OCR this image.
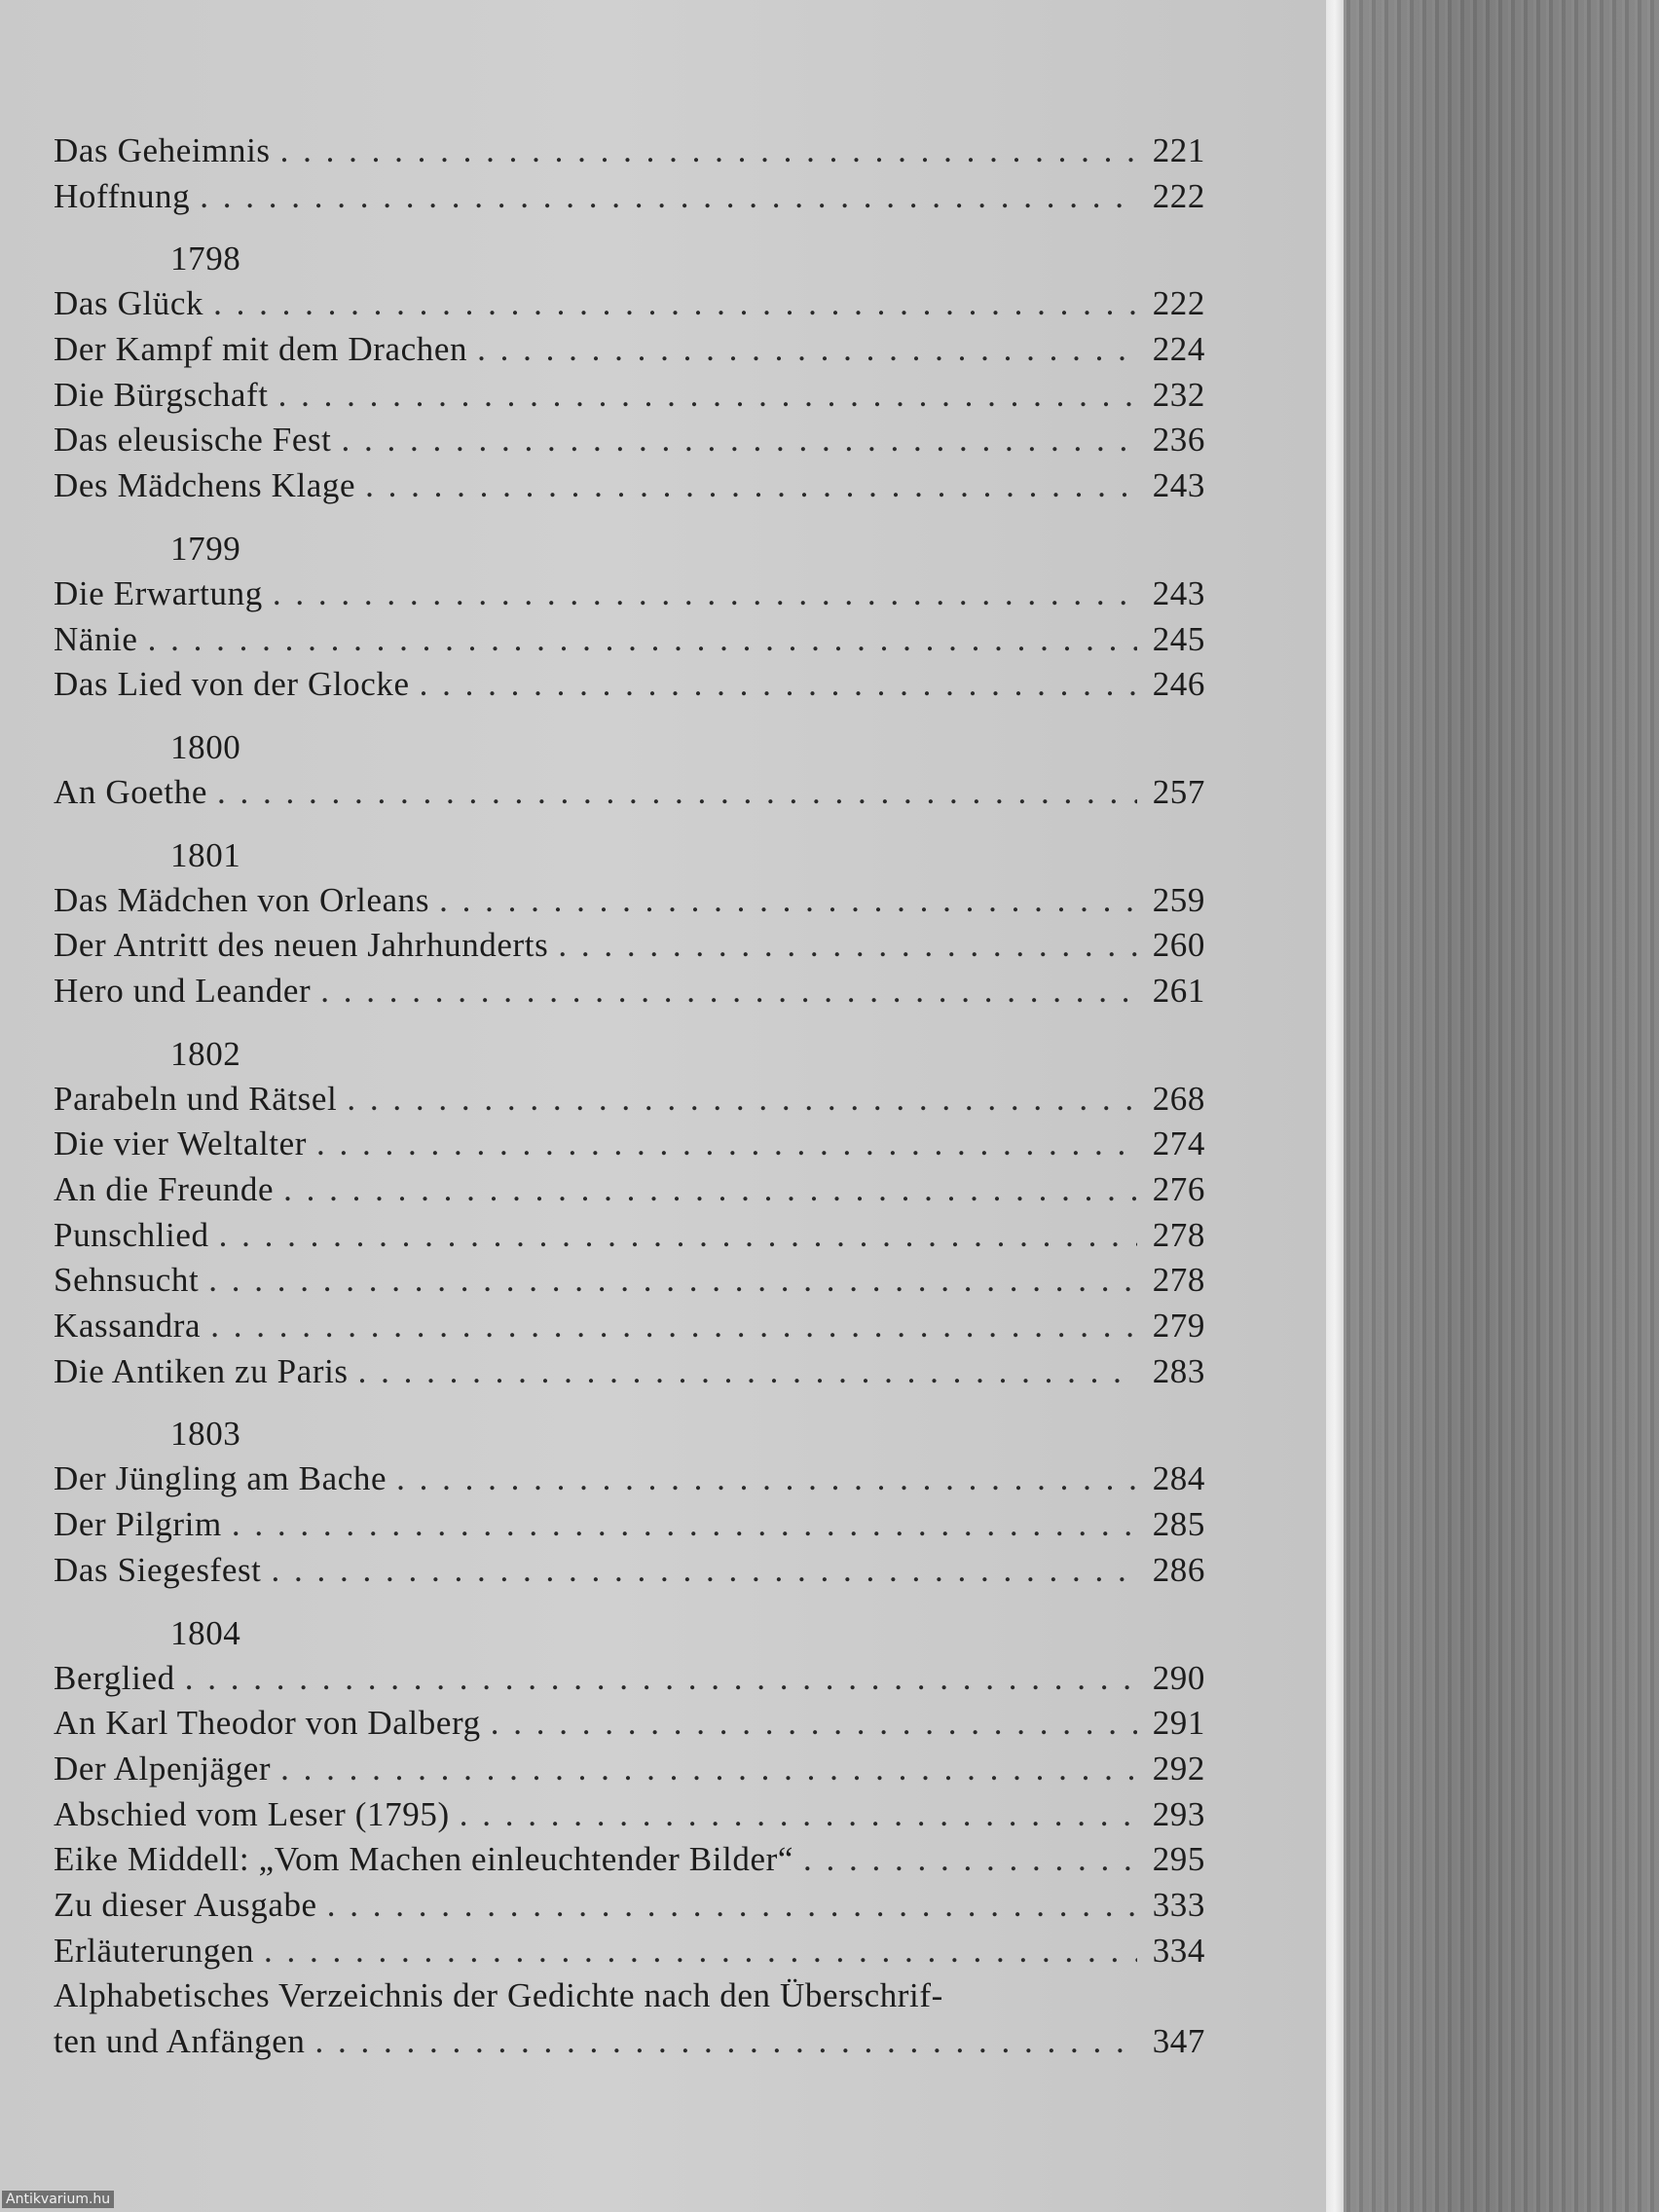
Das Geheimnis . . .	221
Hoffnung . . .	222
1798
Das Glück . . .	222
Der Kampf mit dem Drachen . . .	224
Die Bürgschaft . . .	232
Das eleusische Fest . . .	236
Des Mädchens Klage . . .	243
1799
Die Erwartung . . .	243
Nänie . . .	245
Das Lied von der Glocke . . .	246
1800
An Goethe . . .	257
1801
Das Mädchen von Orleans . . .	259
Der Antritt des neuen Jahrhunderts . . .	260
Hero und Leander . . .	261
1802
Parabeln und Rätsel . . .	268
Die vier Weltalter . . .	274
An die Freunde . . .	276
Punschlied . . .	278
Sehnsucht . . .	278
Kassandra . . .	279
Die Antiken zu Paris . . .	283
1803
Der Jüngling am Bache . . .	284
Der Pilgrim . . .	285
Das Siegesfest . . .	286
1804
Berglied . . .	290
An Karl Theodor von Dalberg . . .	291
Der Alpenjäger . . .	292
Abschied vom Leser (1795) . . .	293
Eike Middell: „Vom Machen einleuchtender Bilder“ . . .	295
Zu dieser Ausgabe . . .	333
Erläuterungen . . .	334
Alphabetisches Verzeichnis der Gedichte nach den Überschrif-
ten und Anfängen . . .	347
Antikvarium.hu
